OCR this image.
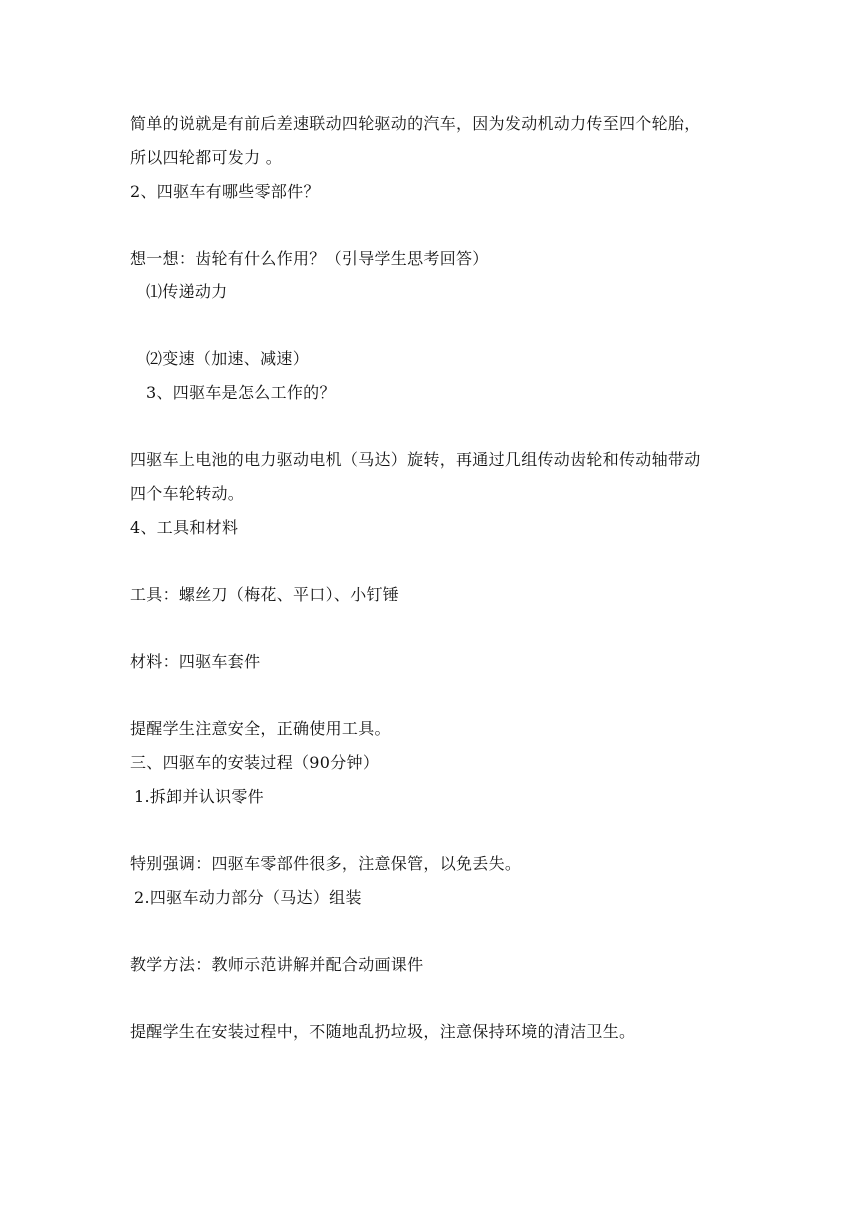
简单的说就是有前后差速联动四轮驱动的汽车，因为发动机动力传至四个轮胎，
所以四轮都可发力 。
2、四驱车有哪些零部件？
想一想：齿轮有什么作用？（引导学生思考回答）
⑴传递动力
⑵变速（加速、减速）
3、四驱车是怎么工作的？
四驱车上电池的电力驱动电机（马达）旋转，再通过几组传动齿轮和传动轴带动
四个车轮转动。
4、工具和材料
工具：螺丝刀（梅花、平口）、小钉锤
材料：四驱车套件
提醒学生注意安全，正确使用工具。
三、四驱车的安装过程（90分钟）
1.拆卸并认识零件
特别强调：四驱车零部件很多，注意保管，以免丢失。
2.四驱车动力部分（马达）组装
教学方法：教师示范讲解并配合动画课件
提醒学生在安装过程中，不随地乱扔垃圾，注意保持环境的清洁卫生。
